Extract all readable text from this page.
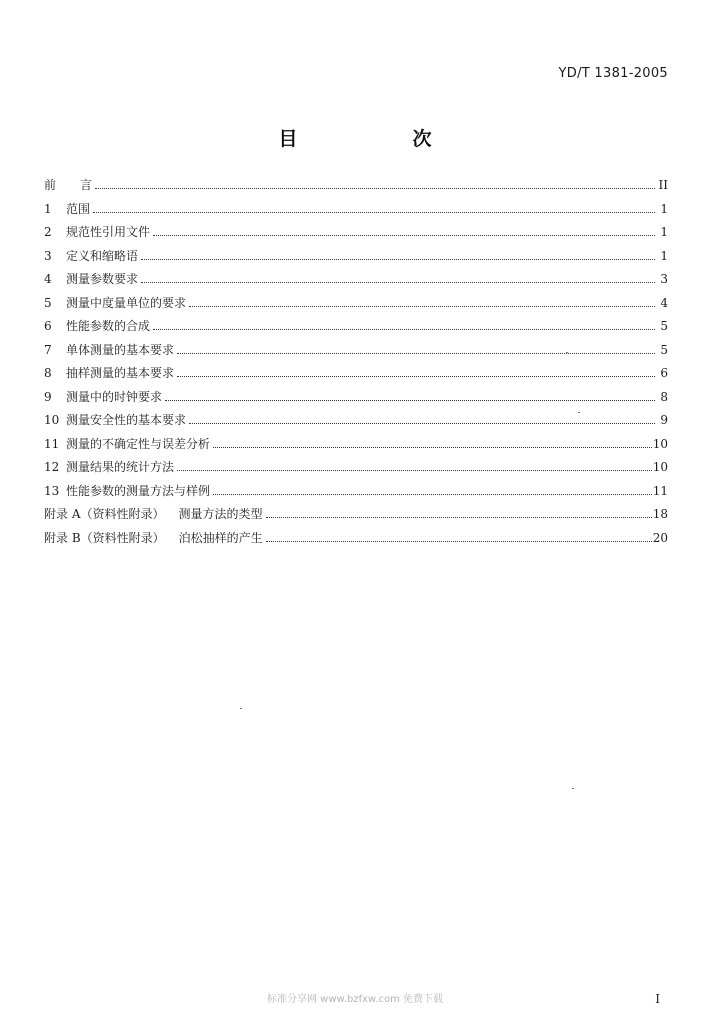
YD/T 1381-2005
目　次
前	言	II
1	范围	1
2	规范性引用文件	1
3	定义和缩略语	1
4	测量参数要求	3
5	测量中度量单位的要求	4
6	性能参数的合成	5
7	单体测量的基本要求	5
8	抽样测量的基本要求	6
9	测量中的时钟要求	8
10 测量安全性的基本要求	9
11 测量的不确定性与误差分析	10
12 测量结果的统计方法	10
13 性能参数的测量方法与样例	11
附录 A（资料性附录）	测量方法的类型	18
附录 B（资料性附录）	泊松抽样的产生	20
标准分享网 www.bzfxw.com 免费下载	I
